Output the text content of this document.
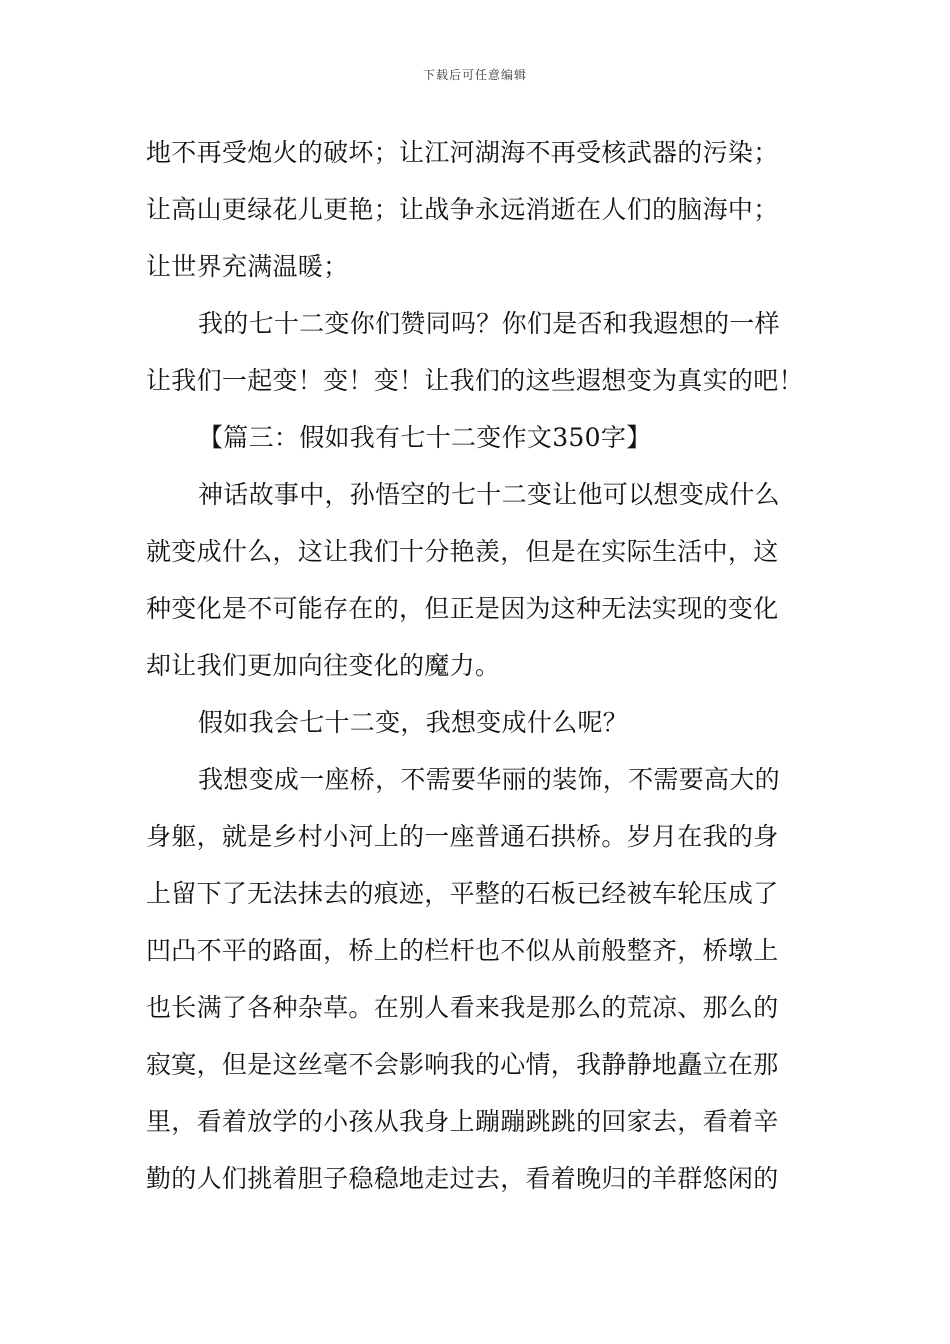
下载后可任意编辑
地不再受炮火的破坏；让江河湖海不再受核武器的污染；
让高山更绿花儿更艳；让战争永远消逝在人们的脑海中；
让世界充满温暖；
我的七十二变你们赞同吗？你们是否和我遐想的一样
让我们一起变！变！变！让我们的这些遐想变为真实的吧！
【篇三：假如我有七十二变作文350字】
神话故事中，孙悟空的七十二变让他可以想变成什么
就变成什么，这让我们十分艳羡，但是在实际生活中，这
种变化是不可能存在的，但正是因为这种无法实现的变化
却让我们更加向往变化的魔力。
假如我会七十二变，我想变成什么呢？
我想变成一座桥，不需要华丽的装饰，不需要高大的
身躯，就是乡村小河上的一座普通石拱桥。岁月在我的身
上留下了无法抹去的痕迹，平整的石板已经被车轮压成了
凹凸不平的路面，桥上的栏杆也不似从前般整齐，桥墩上
也长满了各种杂草。在别人看来我是那么的荒凉、那么的
寂寞，但是这丝毫不会影响我的心情，我静静地矗立在那
里，看着放学的小孩从我身上蹦蹦跳跳的回家去，看着辛
勤的人们挑着胆子稳稳地走过去，看着晚归的羊群悠闲的
